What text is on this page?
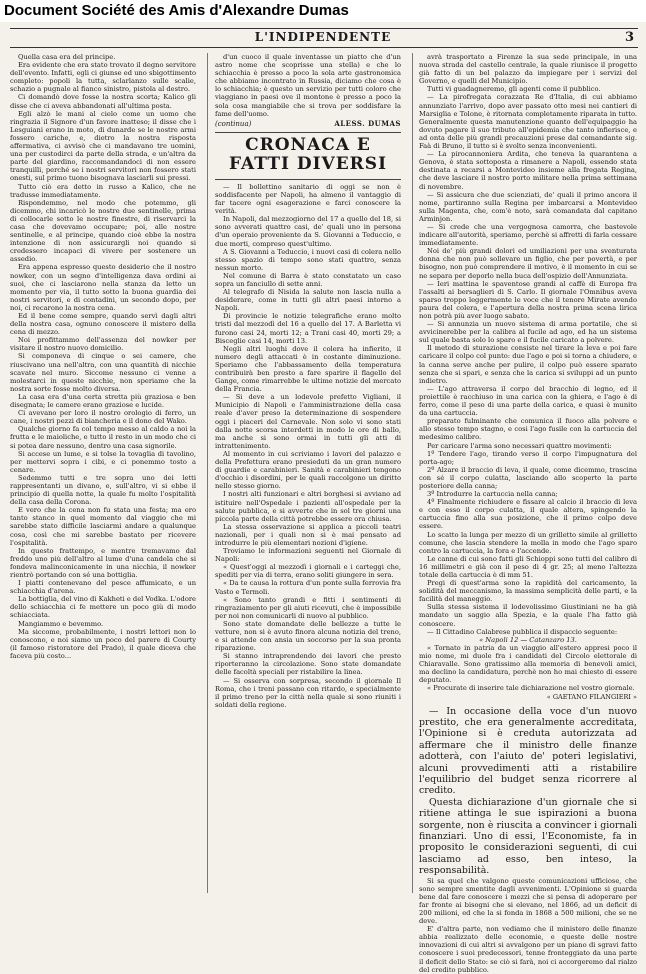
Document Société des Amis d'Alexandre Dumas
L'INDIPENDENTE	3

Quella casa era del principe.

Era evidente che era stato trovato il degno servitore dell'evento. Infatti, egli ci giunse ed uno sbigottimento completo: popoli la tutta, sclarlanzo sulle scalie, schazio a pugnale al fianco sinistro, pistola al destro.

Ci domandò dove fosse la nostra scorta; Kalico gli disse che ci aveva abbandonati all'ultima posta.

Egli alzò le mani al cielo come un uomo che ringrazia il Signore d'un favore inatteso; il disse che i Lesguiani erano in moto, di dunarde se le nostre armi fossero cariche, e, dietro la nostra risposta affermativa, ci avvisò che ci mandavano tre uomini, una per custodirci da parte della strada, e un'altra da parte del giardino, raccomandandoci di non essere tranquilli, perché se i nostri servitori non fossero stati onesti, sul primo tuono bisognava lasciarli sui pressi.

Tutto ciò era detto in russo a Kalico, che ne tradusse immediatamente.

Rispondemmo, nel modo che potemmo, gli dicemmo, chi incaricò le nostre due sentinelle, prima di collocarle sotto le nostre finestre, di riservarci la casa che dovevamo occupare; poi, alle nostre sentinelle, e al principe, quando cioè ebbe la nostra intenzione di non assicurargli noi quando si credessero incapaci di vivere per sostenere un assedio.

Era appena espresso questo desiderio che il nostro nowker, con un segno d'intelligenza dava ordini ai suoi, che ci lasciarono nella stanza da letto un momento per via, il tutto sotto la buona guardia dei nostri servitori, e di contadini, un secondo dopo, per noi, ci recarono la nostra cena.

Ed il bene come sempre, quando servì dagli altri della nostra casa, ognuno conoscere il mistero della cena di mezzo.

Noi profittammo dell'assenza del nowker per visitare il nostro nuovo domicilio.

Si componeva di cinque o sei camere, che riuscivano una nell'altra, con una quantità di nicchie scavate nel muro. Siccome nessuno ci venne a molestarci in queste nicchie, non speriamo che la nostra sorte fosse molto diversa.

La casa era d'una certa stretta più graziosa e ben disegnata; le camere erano graziose e lucide.

Ci avevano per loro il nostro orologio di ferro, un cane, i nostri pezzi di biancheria e il dono del Wako.

Qualche giorno fa col tempo messo al caldo a noi la frutta e le maioliche, e tutto il resto in un modo che ci si potea dare nessuno, dentro una casa signorile.

Si accese un lume, e si tolse la tovaglia di tavolino, per mettervi sopra i cibi, e ci ponemmo tosto a cenare.

Sedemmo tutti e tre sopra uno dei letti rappresentanti un divano, e, sull'altro, vi si ebbe il principio di quella notte, la quale fu molto l'ospitalità della casa della Corona.

E vero che la cena non fu stata una festa; ma ero tanto stanco in quel momento dal viaggio che mi sarebbe stato difficile lasciarmi andare a qualunque cosa, così che mi sarebbe bastato per ricevere l'ospitalità.

In questo frattempo, e mentre tremavamo dal freddo uno più dell'altro al lume d'una candela che si fondeva malinconicamente in una nicchia, il nowker rientrò portando con sé una bottiglia.

I piatti contenevano del pesce affumicato, e un schiacchia d'arena.

La bottiglia, del vino di Kakheti e del Vodka. L'odore dello schiacchia ci fe mettere un poco giù di modo schiacciata.

Mangiammo e bevemmo.

Ma siccome, probabilmente, i nostri lettori non lo conoscono, e noi siamo un poco del parere di Courty (il famoso ristoratore del Prado), il quale diceva che faceva più costo...

d'un cuoco il quale inventasse un piatto che d'un astro nome che scoprisse una stella) e che lo schiacchia è presso a poco la sola arte gastronomica che abbiamo incontrato in Russia, diciamo che cosa è lo schiacchia; è questo un servizio per tutti coloro che viaggiano in paesi ove il montone è presso a poco la sola cosa mangiabile che si trova per soddisfare la fame dell'uomo.

(continua)	ALESS. DUMAS

CRONACA E FATTI DIVERSI

— Il bollettino sanitario di oggi se non è soddisfacente per Napoli, ha almeno il vantaggio di far tacere ogni esagerazione e farci conoscere la verità.

In Napoli, dal mezzogiorno del 17 a quello del 18, si sono avverati quattro casi, de' quali uno in persona d'un operaio proveniente da S. Giovanni a Teduccio, e due morti, compreso quest'ultimo.

A S. Giovanni a Teduccio, i nuovi casi di colera nello stesso spazio di tempo sono stati quattro, senza nessun morto.

Nel comune di Barra è stato constatato un caso sopra un fanciullo di sette anni.

Al telegrafo di Nisida la salute non lascia nulla a desiderare, come in tutti gli altri paesi intorno a Napoli.

Di provincie le notizie telegrafiche erano molto tristi dal mezzodì del 16 a quello del 17. A Barletta vi furono casi 24, morti 12; a Trani casi 40, morti 29; a Bisceglie casi 14, morti 13.

Negli altri luoghi dove il colera ha infierito, il numero degli attaccati è in costante diminuzione. Speriamo che l'abbassamento della temperatura contribuirà ben presto a fare sparire il flagello del Gange, come rimarrebbe le ultime notizie del mercato della Francia.

— Si deve a un lodevole prefetto Vigliani, il Municipio di Napoli e l'amministrazione della casa reale d'aver preso la determinazione di sospendere oggi i piaceri del Carnevale. Non solo vi sono stati dalla notte scorsa interdetti in modo le ore di ballo, ma anche si sono ormai in tutti gli atti di intrattenimento.

Al momento in cui scriviamo i lavori del palazzo e della Prefettura erano presieduti da un gran numero di guardie e carabinieri. Sanità e carabinieri tengono d'occhio i disordini, per le quali raccolgono un diritto nello stesso giorno.

I nostri alti funzionari e altri borghesi si avviano ad istituire nell'Ospedale i pazienti all'ospedale per la salute pubblica, e si avverte che in sol tre giorni una piccola parte della città potrebbe essere ora chiusa.

La stessa osservazione si applica a piccoli teatri nazionali, per i quali non si è mai pensato ad introdurre le più elementari nozioni d'igiene.

Troviamo le informazioni seguenti nel Giornale di Napoli:

« Quest'oggi al mezzodì i giornali e i carteggi che, spediti per via di terra, erano soliti giungere in sera.

« Da te causa la rottura d'un ponte sulla ferrovia fra Vasto e Termoli.

« Sono tanto grandi e fitti i sentimenti di ringraziamento per gli aiuti ricevuti, che è impossibile per noi non comunicarli di nuovo al pubblico.

Sono state domandate delle bellezze a tutte le vetture, non si è avuto finora alcuna notizia del treno, e si attende con ansia un soccorso per la sua pronta riparazione.

Si stanno intraprendendo dei lavori che presto riporteranno la circolazione. Sono state domandate delle facoltà speciali per ristabilire la linea.

— Si osserva con sorpresa, secondo il giornale Il Roma, che i treni passano con ritardo, e specialmente il primo treno per la città nella quale si sono riuniti i soldati della regione.

avrà trasportato a Firenze la sua sede principale, in una nuova strada del castello centrale, la quale riunisce il progetto già fatto di un bel palazzo da impiegare per i servizi del Governo, e quelli del Municipio.

Tutti vi guadagneremo, gli agenti come il pubblico.

— La pirofregata corazzata Re d'Italia, di cui abbiamo annunziato l'arrivo, dopo aver passato otto mesi nei cantieri di Marsiglia e Tolone, è ritornata completamente riparata in tutto. Generalmente questa manutenzione quanto dell'equipaggio ha dovuto pagare il suo tributo all'epidemia che tanto infierisce, e ad onta delle più grandi precauzioni prese dal comandante sig. Faà di Bruno, il tutto si è svolto senza inconvenienti.

— La pirocannoniera Ardita, che teneva la quarantena a Genova, è stata sottoposta a rimanere a Napoli, essendo stata destinata a recarsi a Montevideo insieme alla fregata Regina, che deve lasciare il nostro porto militare nella prima settimana di novembre.

— Si assicura che due scienziati, de' quali il primo ancora il nome, partiranno sulla Regina per imbarcarsi a Montevideo sulla Magenta, che, com'è noto, sarà comandata dal capitano Arminjon.

— Si crede che una vergognosa camorra, che bastevole indicare all'autorità, speriamo, perchè si affretti di farla cessare immediatamente.

Noi de' più grandi dolori ed umiliazioni per una sventurata donna che non può sollevare un figlio, che per povertà, e per bisogno, non può comprendere il motivo, è il momento in cui se ne separa per deporlo nella buca dell'ospizio dell'Annunziata.

— Ieri mattina le spaventose grandi al caffè di Europa fra l'assalti ai bersaglieri di S. Carlo. Il giornale l'Omnibus aveva sparso troppo leggermente le voce che il tenore Mirate avendo paura del colera, e l'apertura della nostra prima scena lirica non potrà più aver luogo sabato.

— Si annunzia un nuovo sistema di arma portatile, che si avvicinerebbe per la calibra al fucile ad ago, ed ha un sistema sul quale basta solo lo sparo e il fucile caricato a polvere.

Il metodo di sturazione consiste nel tirare la leva e poi fare caricare il colpo col punto: due l'ago e poi si torna a chiudere, e la canna serve anche per pulire, il colpo può essere sparato senza che si spari, e senza che la carica si sviluppi ad un punto indietro.

— L'ago attraversa il corpo del bracchio di legno, ed il proiettile è racchiuso in una carica con la ghiera, e l'ago è di ferro, come il peso di una parte della carica, e quasi è munito da una cartuccia.

preparato fulminante che comunica il fuoco alla polvere e allo stesso tempo stagno, e cosi l'ago fusile con la cartuccia del medesimo calibro.

Per caricare l'arma sono necessari quattro movimenti:

1º Tendere l'ago, tirando verso il corpo l'impugnatura del porta-ago;

2º Alzare il braccio di leva, il quale, come dicemmo, trascina con sé il corpo culatta, lasciando allo scoperto la parte posteriore della canna;

3º Introdurre la cartuccia nella canna;

4º Finalmente richiudere e fissare al calcio il braccio di leva e con esso il corpo culatta, il quale altera, spingendo la cartuccia fino alla sua posizione, che il primo colpo deve essere.

Lo scatto la lunga per mezzo di un grilletto simile al grilletto comune, che lascia stendere la molla in modo che l'ago sparo contro la cartuccia, la fora e l'accende.

Le canne di cui sono fatti gli Schioppi sono tutti del calibro di 16 millimetri e già con il peso di 4 gr. 25; al meno l'altezza totale della cartuccia è di mm 51.

Pregi di quest'arma sono la rapidità del caricamento, la solidità del meccanismo, la massima semplicità delle parti, e la facilità del maneggio.

Sulla stessa sistema il lodevolissimo Giustiniani ne ha già mandato un saggio alla Spezia, e la quale l'ha fatto già conoscere.

— Il Cittadino Calabrese pubblica il dispaccio seguente:

« Napoli 12 — Catanzaro 13.

« Tornato in patria da un viaggio all'estero appresi poco il mio nome, mi duole fra i candidati del Circolo elettorale di Chiaravalle. Sono gratissimo alla memoria di benevoli amici, ma declino la candidatura, perchè non ho mai chiesto di essere deputato.

« Procurate di inserire tale dichiarazione nel vostro giornale.

« GAETANO FILANGIERI »

— In occasione della voce d'un nuovo prestito, che era generalmente accreditata, l'Opinione si è creduta autorizzata ad affermare che il ministro delle finanze adotterà, con l'aiuto de' poteri legislativi, alcuni provvedimenti atti a ristabilire l'equilibrio del budget senza ricorrere al credito.

Questa dichiarazione d'un giornale che si ritiene attinga le sue ispirazioni a buona sorgente, non è riuscita a convincer i giornali finanziari. Uno di essi, l'Economiste, fa in proposito le considerazioni seguenti, di cui lasciamo ad esso, ben inteso, la responsabilità.

Si sa quel che valgono queste comunicazioni ufficiose, che sono sempre smentite dagli avvenimenti. L'Opinione si guarda bene dal fare conoscere i mezzi che si pensa di adoperare per far fronte ai bisogni che si elevano, nel 1866, ad un deficit di 200 milioni, ed che la si fonda in 1868 a 500 milioni, che se ne deve.

E' d'altra parte, non vediamo che il ministero delle finanze abbia realizzato delle economie, e queste delle nostre innovazioni di cui altri si avvalgono per un piano di sgravi fatto conoscere i suoi predecessori, tenne fronteggiato da una parte il deficit dello Stato: se ciò si farà, noi ci accorgeremo dal rialzo del credito pubblico.
